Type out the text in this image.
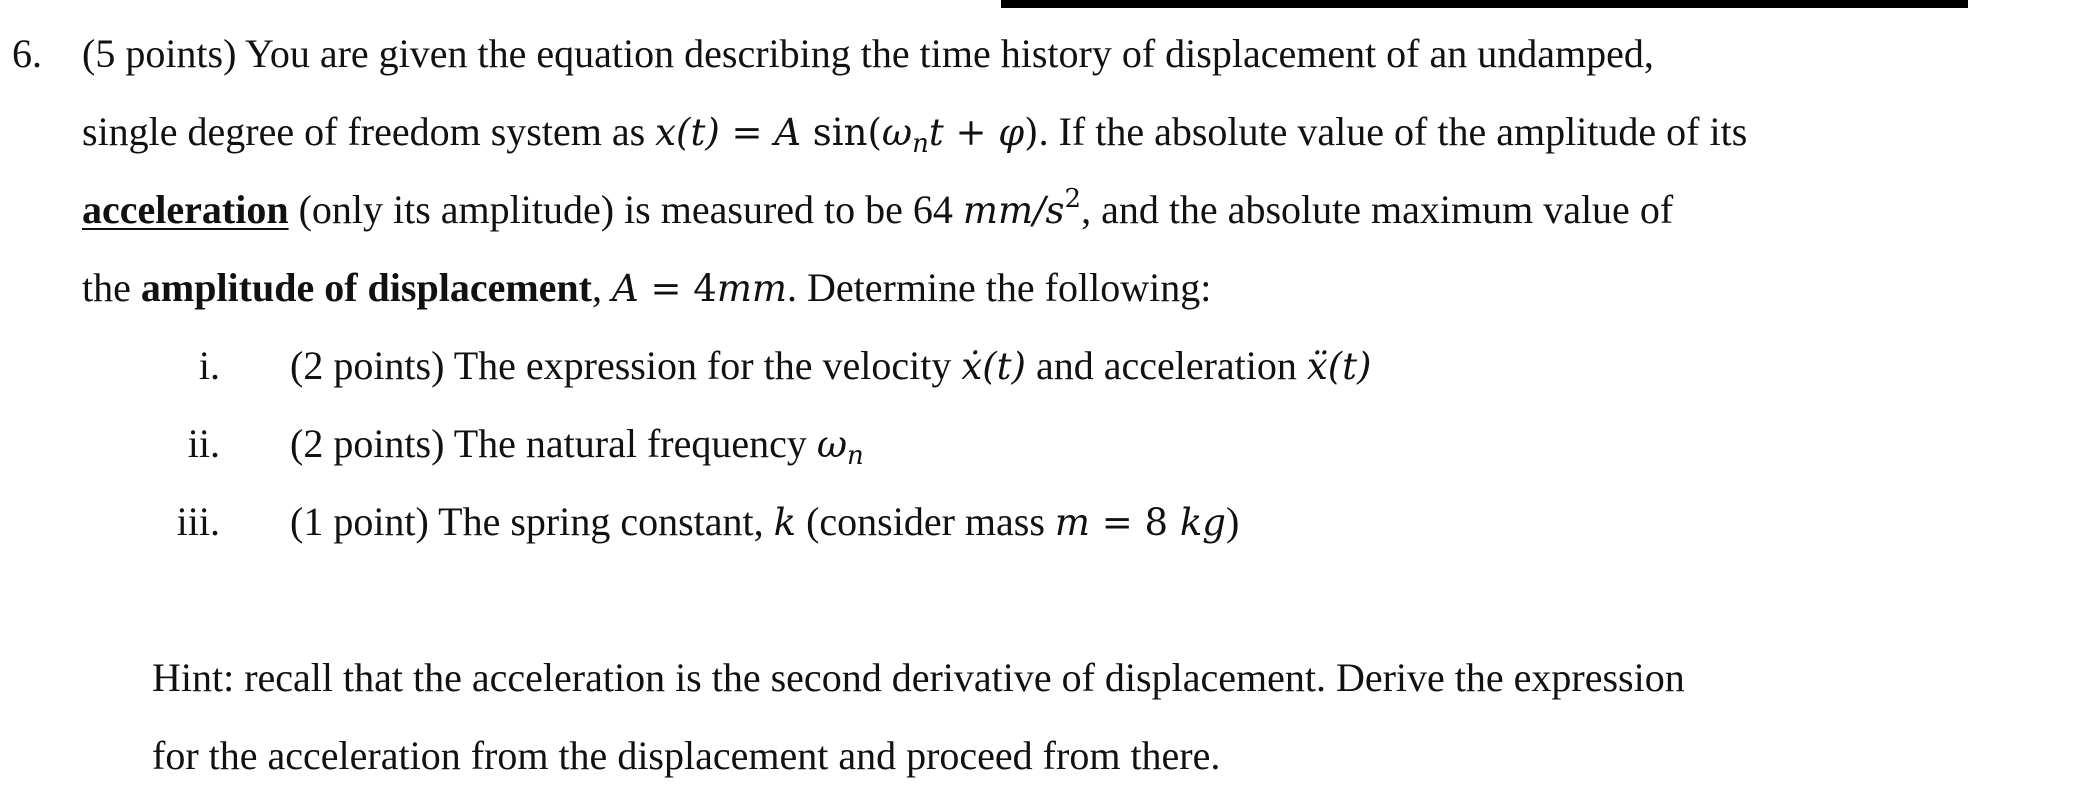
6. (5 points) You are given the equation describing the time history of displacement of an undamped,
single degree of freedom system as x(t) = A $\sin(\omega_nt + \varphi)$. If the absolute value of the amplitude of its
acceleration (only its amplitude) is measured to be 64 $mm/s^2$, and the absolute maximum value of
the amplitude of displacement, A = 4mm. Determine the following:
i. (2 points) The expression for the velocity ẋ(t) and acceleration ẍ(t)
ii. (2 points) The natural frequency $\omega_n$
iii. (1 point) The spring constant, k (consider mass m = 8 kg)
Hint: recall that the acceleration is the second derivative of displacement. Derive the expression
for the acceleration from the displacement and proceed from there.
